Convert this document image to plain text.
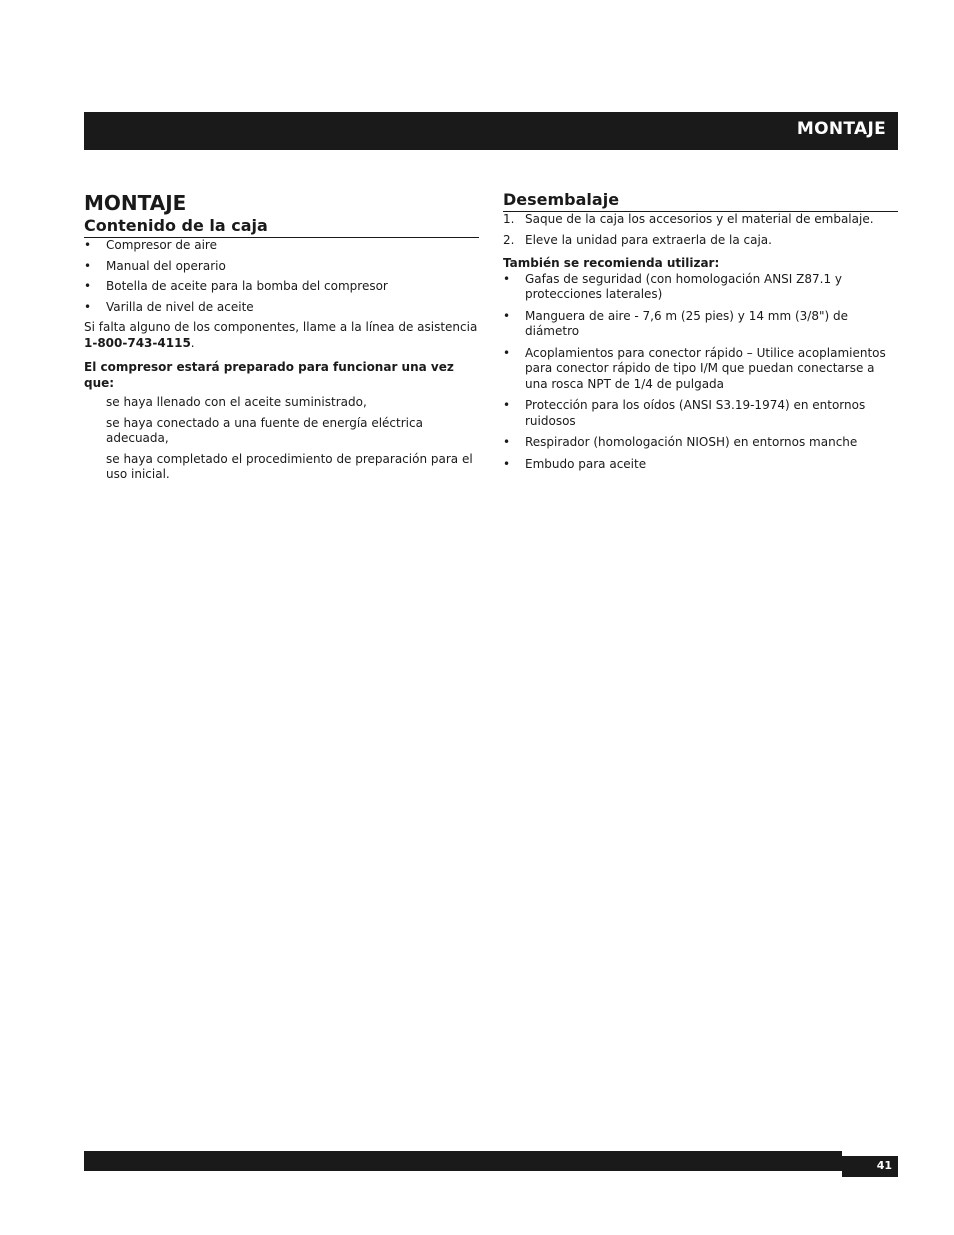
MONTAJE
MONTAJE
Contenido de la caja
•	Compresor de aire
•	Manual del operario
•	Botella de aceite para la bomba del compresor
•	Varilla de nivel de aceite
Si falta alguno de los componentes, llame a la línea de asistencia 1-800-743-4115.
El compresor estará preparado para funcionar una vez que:
se haya llenado con el aceite suministrado,
se haya conectado a una fuente de energía eléctrica adecuada,
se haya completado el procedimiento de preparación para el uso inicial.
Desembalaje
1. Saque de la caja los accesorios y el material de embalaje.
2. Eleve la unidad para extraerla de la caja.
También se recomienda utilizar:
•	Gafas de seguridad (con homologación ANSI Z87.1 y protecciones laterales)
•	Manguera de aire - 7,6 m (25 pies) y 14 mm (3/8") de diámetro
•	Acoplamientos para conector rápido – Utilice acoplamientos para conector rápido de tipo I/M que puedan conectarse a una rosca NPT de 1/4 de pulgada
•	Protección para los oídos (ANSI S3.19-1974) en entornos ruidosos
•	Respirador (homologación NIOSH) en entornos manche
•	Embudo para aceite
41
